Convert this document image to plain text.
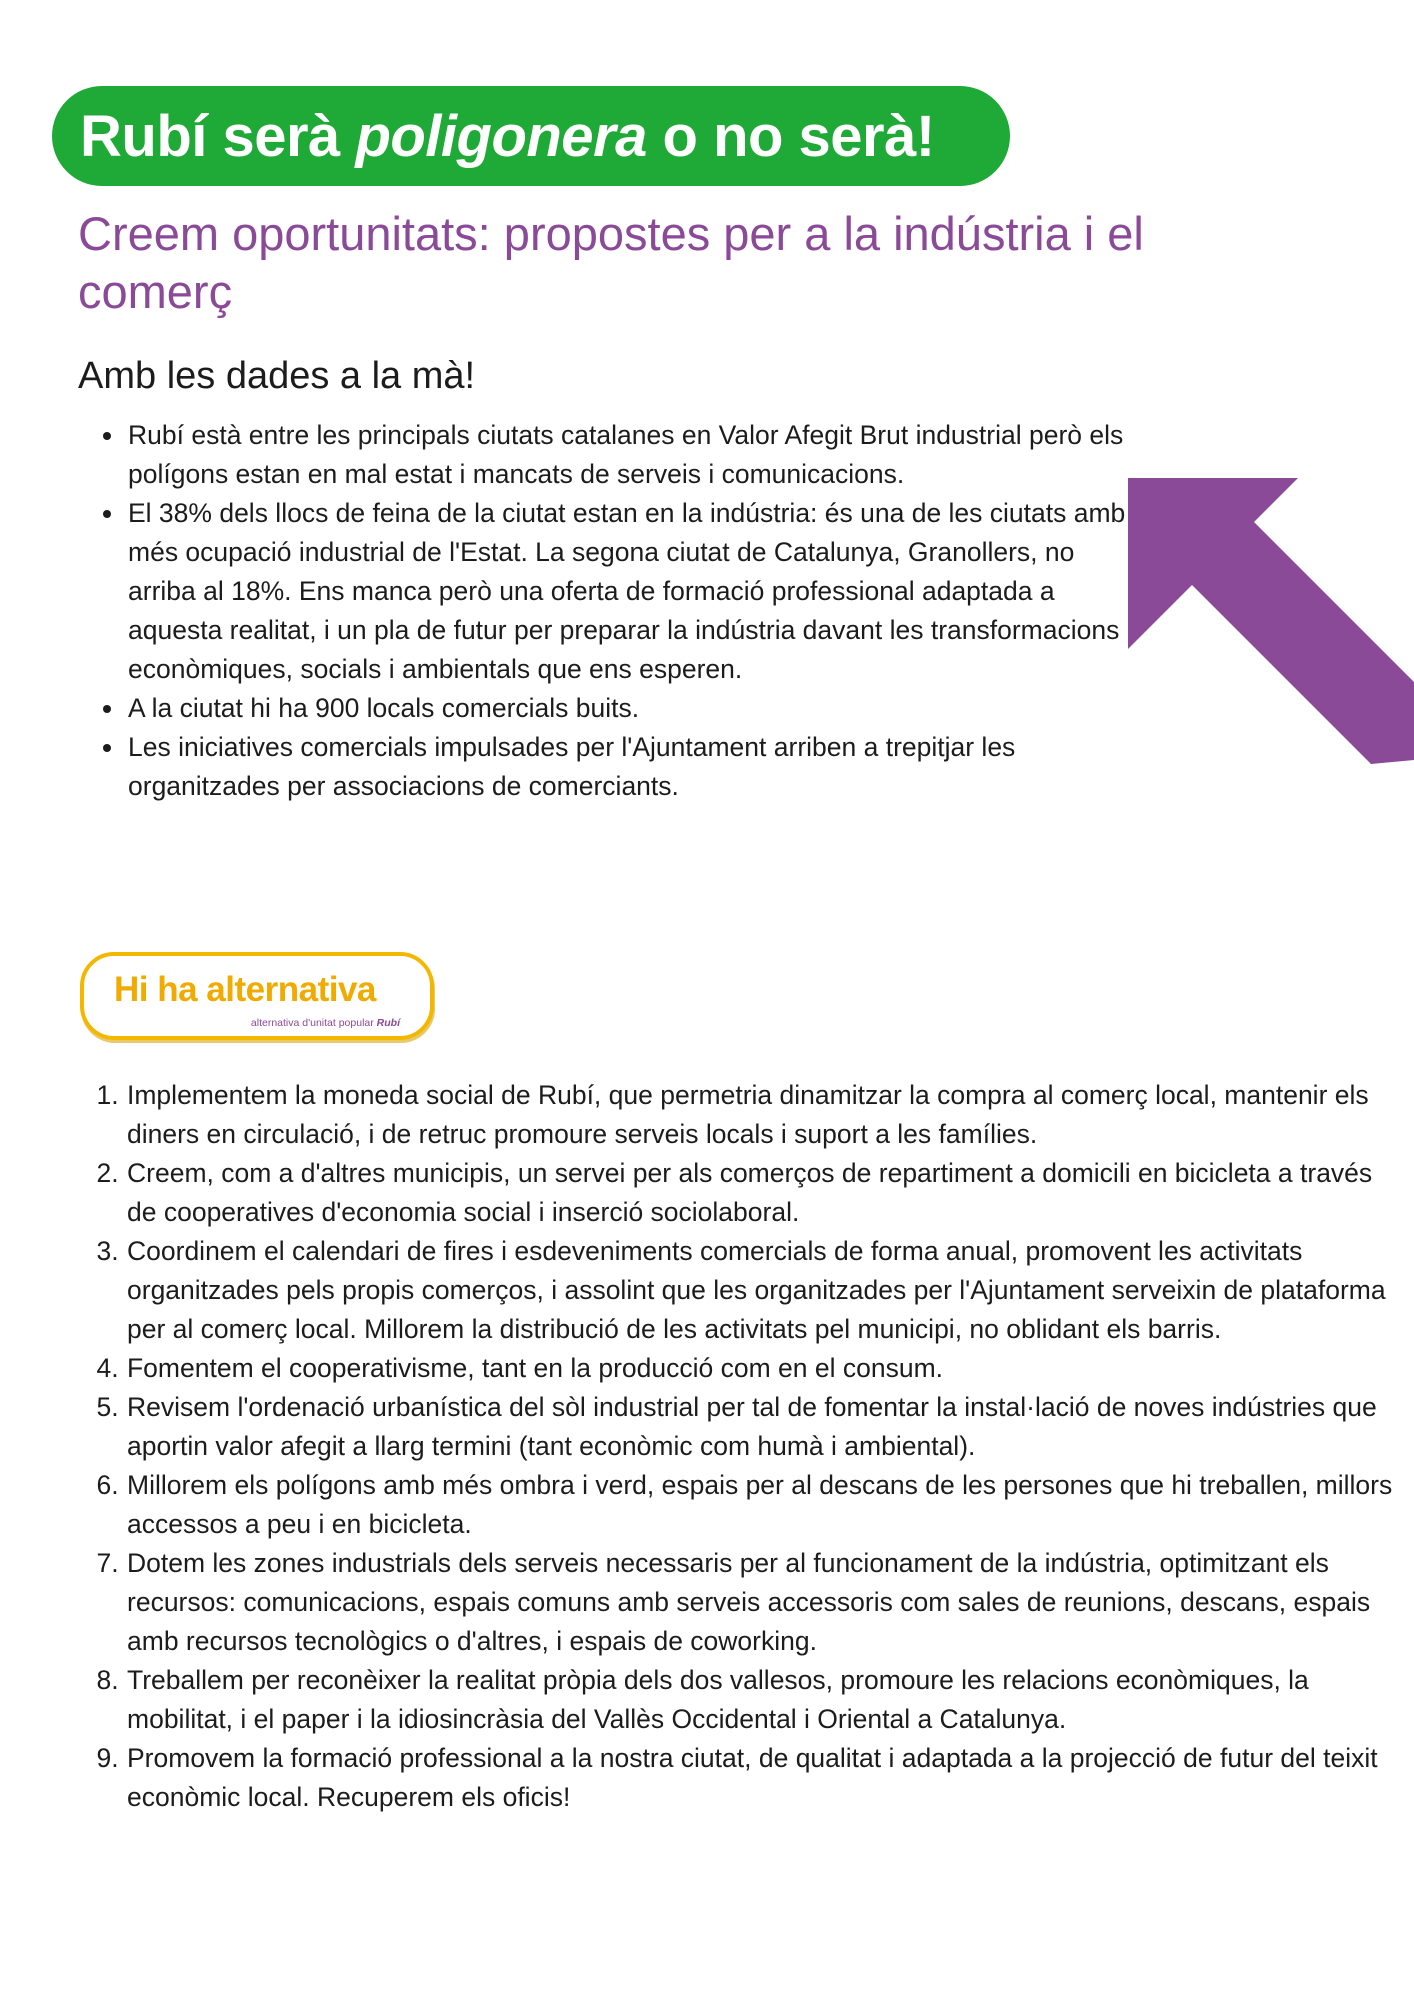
Rubí serà poligonera o no serà!
Creem oportunitats: propostes per a la indústria i el comerç
Amb les dades a la mà!
• Rubí està entre les principals ciutats catalanes en Valor Afegit Brut industrial però els polígons estan en mal estat i mancats de serveis i comunicacions.
• El 38% dels llocs de feina de la ciutat estan en la indústria: és una de les ciutats amb més ocupació industrial de l'Estat. La segona ciutat de Catalunya, Granollers, no arriba al 18%. Ens manca però una oferta de formació professional adaptada a aquesta realitat, i un pla de futur per preparar la indústria davant les transformacions econòmiques, socials i ambientals que ens esperen.
• A la ciutat hi ha 900 locals comercials buits.
• Les iniciatives comercials impulsades per l'Ajuntament arriben a trepitjar les organitzades per associacions de comerciants.
Hi ha alternativa
alternativa d'unitat popular Rubí
1. Implementem la moneda social de Rubí, que permetria dinamitzar la compra al comerç local, mantenir els diners en circulació, i de retruc promoure serveis locals i suport a les famílies.
2. Creem, com a d'altres municipis, un servei per als comerços de repartiment a domicili en bicicleta a través de cooperatives d'economia social i inserció sociolaboral.
3. Coordinem el calendari de fires i esdeveniments comercials de forma anual, promovent les activitats organitzades pels propis comerços, i assolint que les organitzades per l'Ajuntament serveixin de plataforma per al comerç local. Millorem la distribució de les activitats pel municipi, no oblidant els barris.
4. Fomentem el cooperativisme, tant en la producció com en el consum.
5. Revisem l'ordenació urbanística del sòl industrial per tal de fomentar la instal·lació de noves indústries que aportin valor afegit a llarg termini (tant econòmic com humà i ambiental).
6. Millorem els polígons amb més ombra i verd, espais per al descans de les persones que hi treballen, millors accessos a peu i en bicicleta.
7. Dotem les zones industrials dels serveis necessaris per al funcionament de la indústria, optimitzant els recursos: comunicacions, espais comuns amb serveis accessoris com sales de reunions, descans, espais amb recursos tecnològics o d'altres, i espais de coworking.
8. Treballem per reconèixer la realitat pròpia dels dos vallesos, promoure les relacions econòmiques, la mobilitat, i el paper i la idiosincràsia del Vallès Occidental i Oriental a Catalunya.
9. Promovem la formació professional a la nostra ciutat, de qualitat i adaptada a la projecció de futur del teixit econòmic local. Recuperem els oficis!
